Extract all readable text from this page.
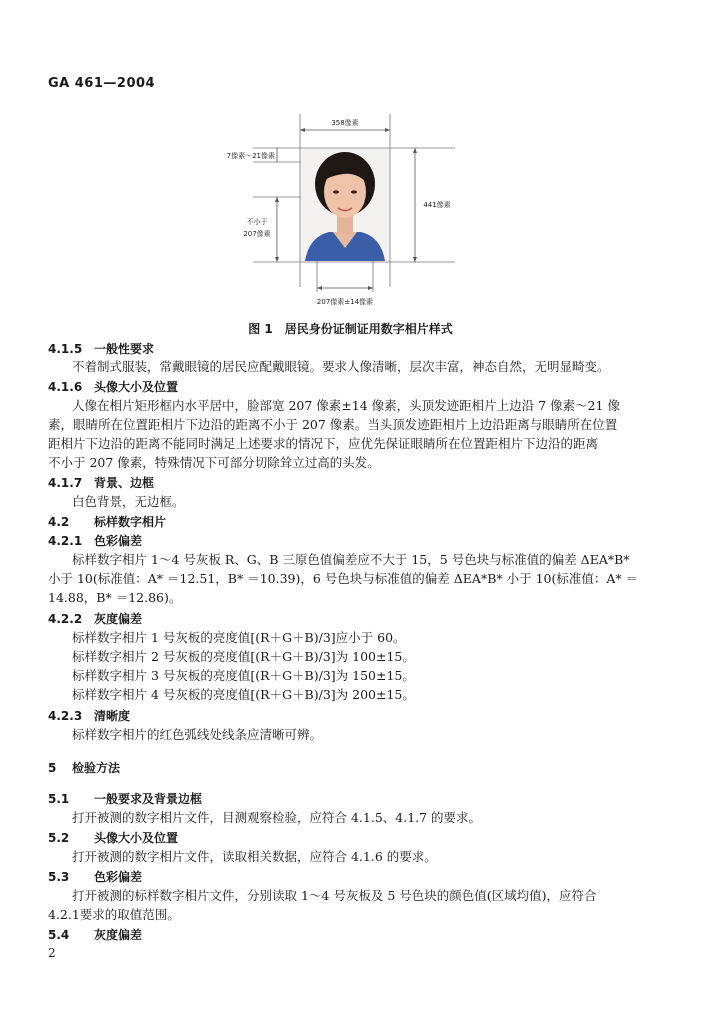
GA 461—2004
358像素
7像素～21像素
不小于
207像素
441像素
207像素±14像素
图 1　居民身份证制证用数字相片样式
4.1.5 一般性要求
不着制式服装，常戴眼镜的居民应配戴眼镜。要求人像清晰，层次丰富，神态自然，无明显畸变。
4.1.6 头像大小及位置
人像在相片矩形框内水平居中，脸部宽 207 像素±14 像素，头顶发迹距相片上边沿 7 像素～21 像
素，眼睛所在位置距相片下边沿的距离不小于 207 像素。当头顶发迹距相片上边沿距离与眼睛所在位置
距相片下边沿的距离不能同时满足上述要求的情况下，应优先保证眼睛所在位置距相片下边沿的距离
不小于 207 像素，特殊情况下可部分切除耸立过高的头发。
4.1.7 背景、边框
白色背景，无边框。
4.2 标样数字相片
4.2.1 色彩偏差
标样数字相片 1～4 号灰板 R、G、B 三原色值偏差应不大于 15，5 号色块与标准值的偏差 ΔEA*B*
小于 10(标准值：A* ＝12.51，B* ＝10.39)，6 号色块与标准值的偏差 ΔEA*B* 小于 10(标准值：A* ＝
14.88，B* ＝12.86)。
4.2.2 灰度偏差
标样数字相片 1 号灰板的亮度值[(R＋G＋B)/3]应小于 60。
标样数字相片 2 号灰板的亮度值[(R＋G＋B)/3]为 100±15。
标样数字相片 3 号灰板的亮度值[(R＋G＋B)/3]为 150±15。
标样数字相片 4 号灰板的亮度值[(R＋G＋B)/3]为 200±15。
4.2.3 清晰度
标样数字相片的红色弧线处线条应清晰可辨。
5 检验方法
5.1 一般要求及背景边框
打开被测的数字相片文件，目测观察检验，应符合 4.1.5、4.1.7 的要求。
5.2 头像大小及位置
打开被测的数字相片文件，读取相关数据，应符合 4.1.6 的要求。
5.3 色彩偏差
打开被测的标样数字相片文件，分别读取 1～4 号灰板及 5 号色块的颜色值(区域均值)，应符合
4.2.1要求的取值范围。
5.4 灰度偏差
2
